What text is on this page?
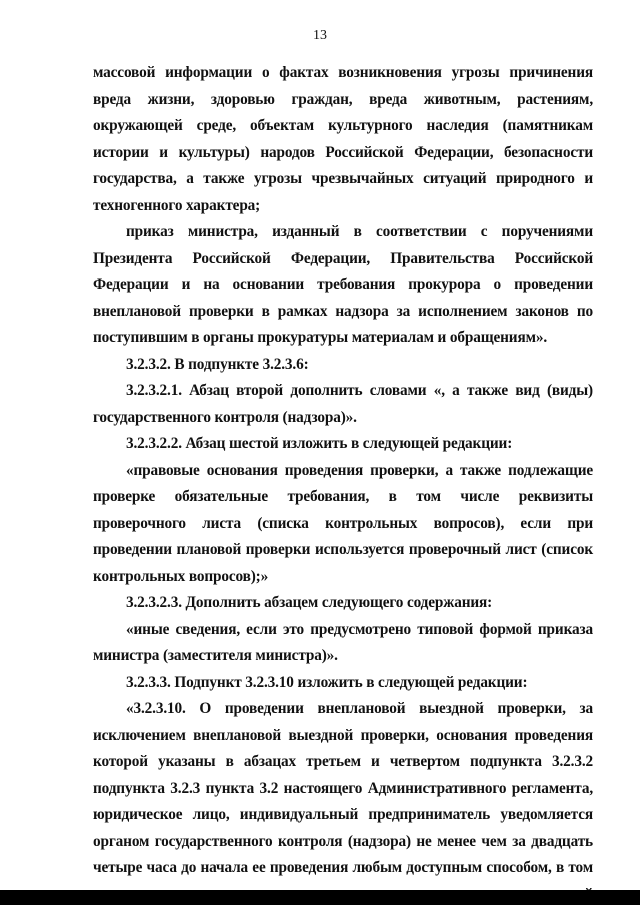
13

массовой информации о фактах возникновения угрозы причинения вреда жизни, здоровью граждан, вреда животным, растениям, окружающей среде, объектам культурного наследия (памятникам истории и культуры) народов Российской Федерации, безопасности государства, а также угрозы чрезвычайных ситуаций природного и техногенного характера;

приказ министра, изданный в соответствии с поручениями Президента Российской Федерации, Правительства Российской Федерации и на основании требования прокурора о проведении внеплановой проверки в рамках надзора за исполнением законов по поступившим в органы прокуратуры материалам и обращениям».

3.2.3.2. В подпункте 3.2.3.6:

3.2.3.2.1. Абзац второй дополнить словами «, а также вид (виды) государственного контроля (надзора)».

3.2.3.2.2. Абзац шестой изложить в следующей редакции:

«правовые основания проведения проверки, а также подлежащие проверке обязательные требования, в том числе реквизиты проверочного листа (списка контрольных вопросов), если при проведении плановой проверки используется проверочный лист (список контрольных вопросов);»

3.2.3.2.3. Дополнить абзацем следующего содержания:

«иные сведения, если это предусмотрено типовой формой приказа министра (заместителя министра)».

3.2.3.3. Подпункт 3.2.3.10 изложить в следующей редакции:

«3.2.3.10. О проведении внеплановой выездной проверки, за исключением внеплановой выездной проверки, основания проведения которой указаны в абзацах третьем и четвертом подпункта 3.2.3.2 подпункта 3.2.3 пункта 3.2 настоящего Административного регламента, юридическое лицо, индивидуальный предприниматель уведомляется органом государственного контроля (надзора) не менее чем за двадцать четыре часа до начала ее проведения любым доступным способом, в том
